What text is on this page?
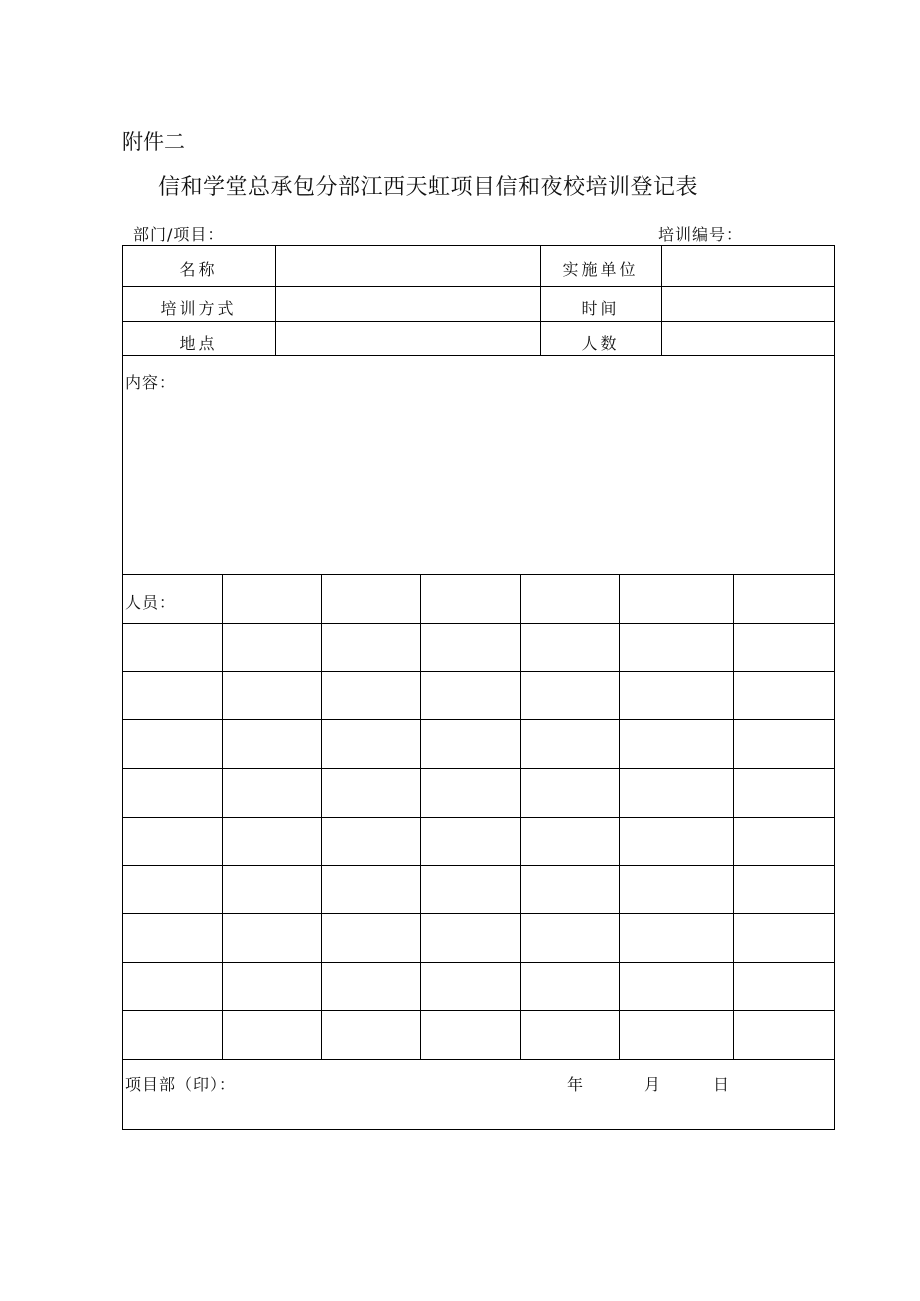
附件二
信和学堂总承包分部江西天虹项目信和夜校培训登记表
部门/项目：	培训编号：
名称	实施单位
培训方式	时间
地点	人数
内容：
人员：
项目部（印）：	年	月	日
